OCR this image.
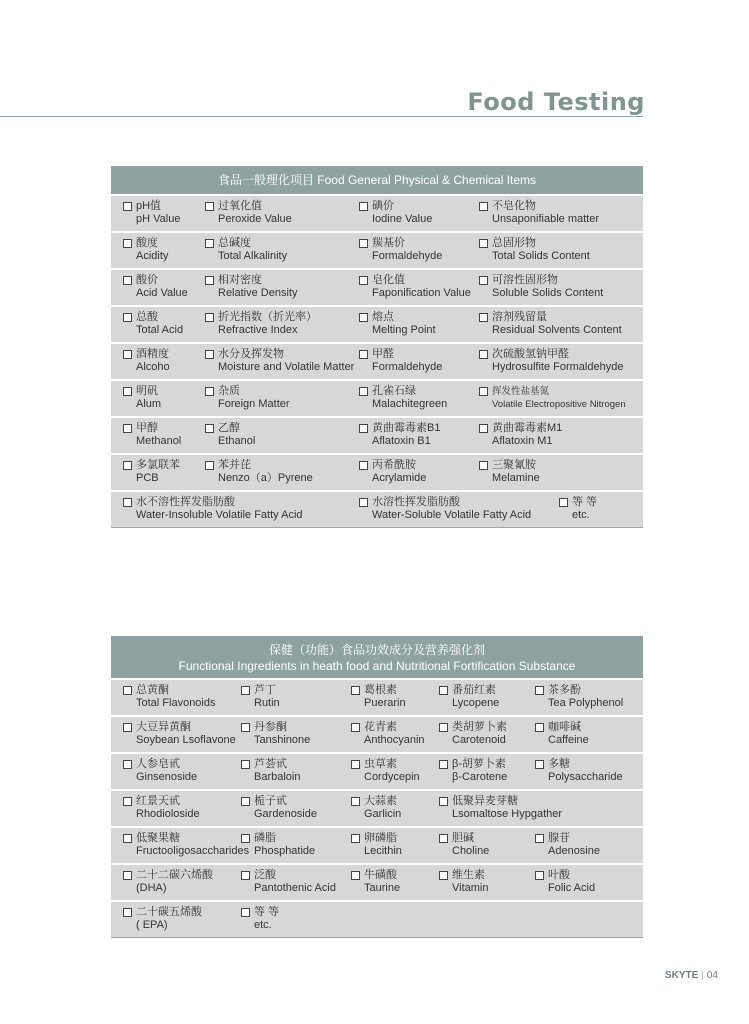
Food Testing
食品一般理化项目 Food General Physical & Chemical Items
pH值
pH Value
过氧化值
Peroxide Value
碘价
Iodine Value
不皂化物
Unsaponifiable matter
酸度
Acidity
总碱度
Total Alkalinity
羰基价
Formaldehyde
总固形物
Total Solids Content
酸价
Acid Value
相对密度
Relative Density
皂化值
Faponification Value
可溶性固形物
Soluble Solids Content
总酸
Total Acid
折光指数（折光率）
Refractive Index
熔点
Melting Point
溶剂残留量
Residual Solvents Content
酒精度
Alcoho
水分及挥发物
Moisture and Volatile Matter
甲醛
Formaldehyde
次硫酸氢钠甲醛
Hydrosulfite Formaldehyde
明矾
Alum
杂质
Foreign Matter
孔雀石绿
Malachitegreen
挥发性盐基氮
Volatile Electropositive Nitrogen
甲醇
Methanol
乙醇
Ethanol
黄曲霉毒素B1
Aflatoxin B1
黄曲霉毒素M1
Aflatoxin M1
多氯联苯
PCB
苯并芘
Nenzo（a）Pyrene
丙希酰胺
Acrylamide
三聚氰胺
Melamine
水不溶性挥发脂肪酸
Water-Insoluble Volatile Fatty Acid
水溶性挥发脂肪酸
Water-Soluble Volatile Fatty Acid
等 等
etc.
保健（功能）食品功效成分及营养强化剂
Functional Ingredients in heath food and Nutritional Fortification Substance
总黄酮
Total Flavonoids
芦丁
Rutin
葛根素
Puerarin
番茄红素
Lycopene
茶多酚
Tea Polyphenol
大豆异黄酮
Soybean Lsoflavone
丹参酮
Tanshinone
花青素
Anthocyanin
类胡萝卜素
Carotenoid
咖啡碱
Caffeine
人参皂甙
Ginsenoside
芦荟甙
Barbaloin
虫草素
Cordycepin
β-胡萝卜素
β-Carotene
多糖
Polysaccharide
红景天甙
Rhodioloside
栀子甙
Gardenoside
大蒜素
Garlicin
低聚异麦芽糖
Lsomaltose Hypgather
低聚果糖
Fructooligosaccharides
磷脂
Phosphatide
卵磷脂
Lecithin
胆碱
Choline
腺苷
Adenosine
二十二碳六烯酸
(DHA)
泛酸
Pantothenic Acid
牛磺酸
Taurine
维生素
Vitamin
叶酸
Folic Acid
二十碳五烯酸
( EPA)
等 等
etc.
SKYTE | 04
